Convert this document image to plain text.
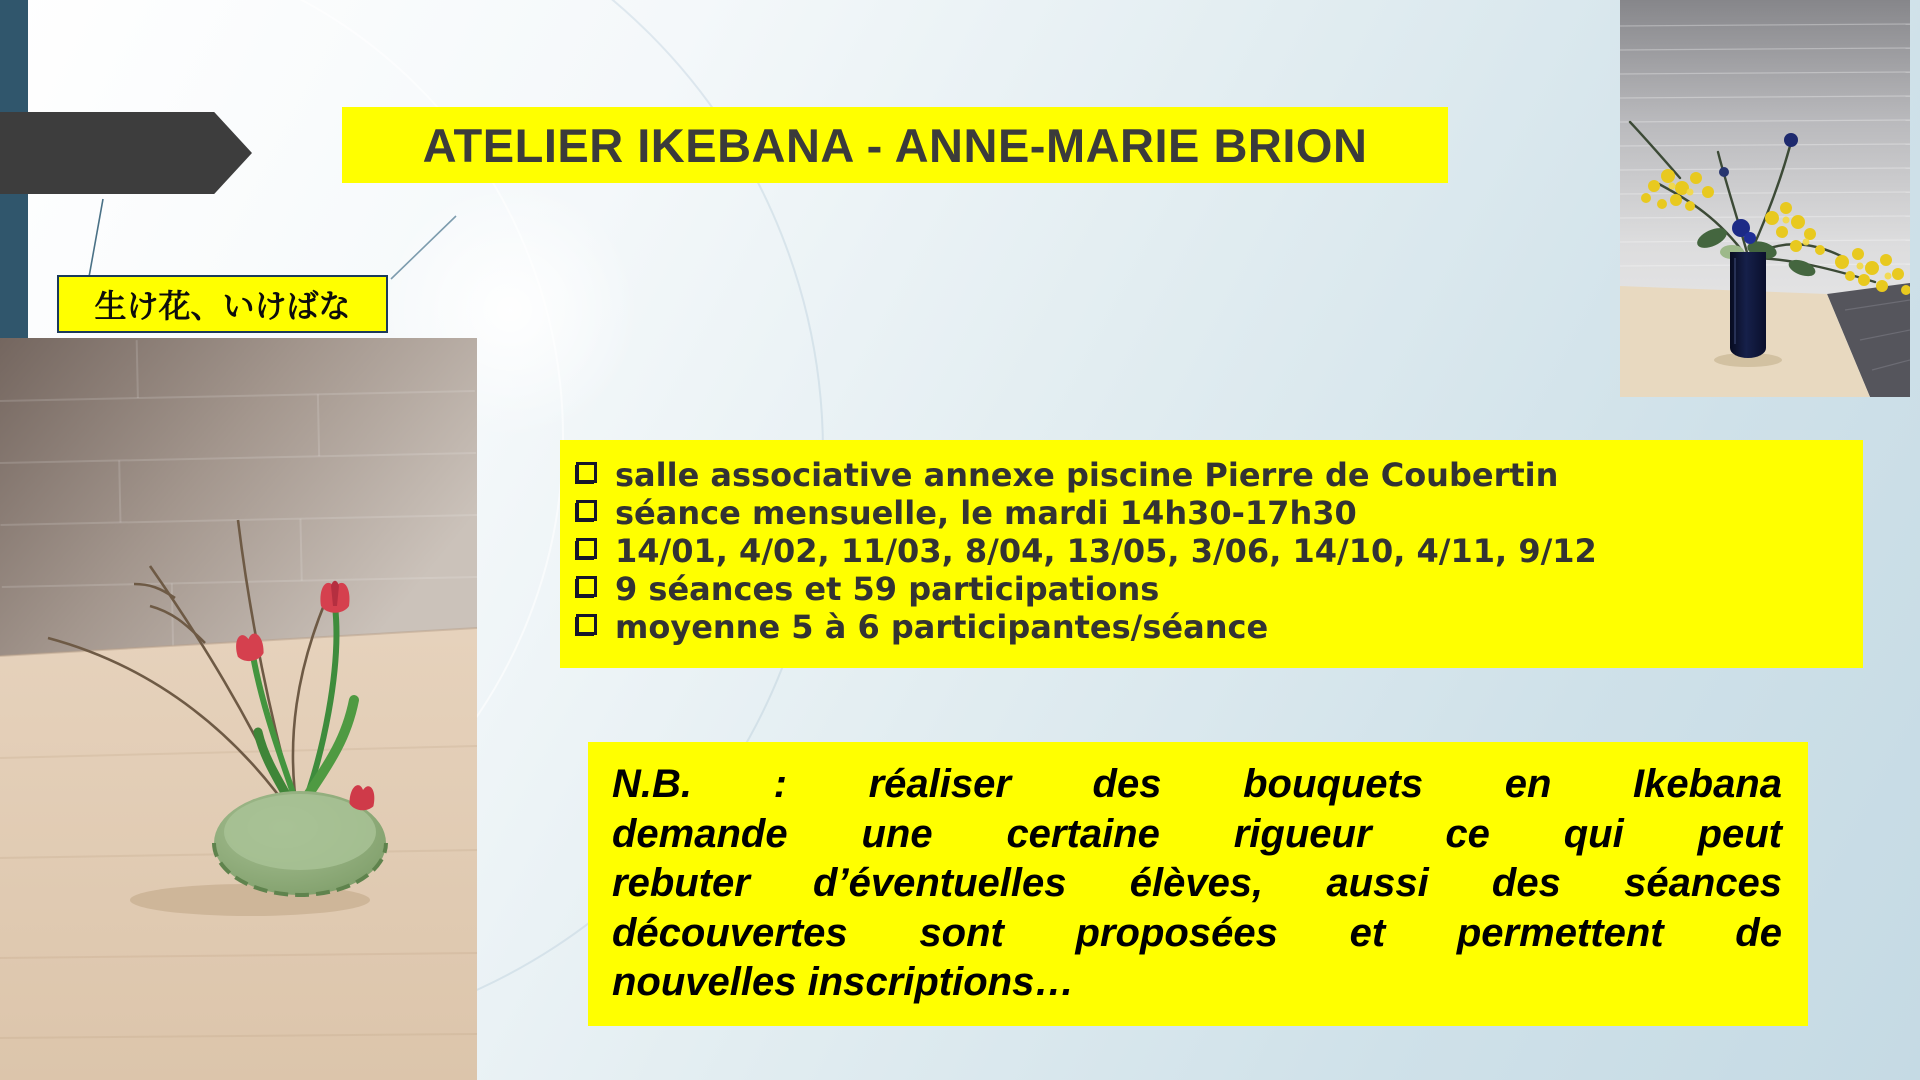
ATELIER IKEBANA - ANNE-MARIE BRION
生け花、いけばな
salle associative annexe piscine Pierre de Coubertin
séance mensuelle, le mardi 14h30-17h30
14/01, 4/02, 11/03, 8/04, 13/05, 3/06, 14/10, 4/11, 9/12
9 séances et 59 participations
moyenne 5 à 6 participantes/séance
N.B. : réaliser des bouquets en Ikebana
demande une certaine rigueur ce qui peut
rebuter d’éventuelles élèves, aussi des séances
découvertes sont proposées et permettent de
nouvelles inscriptions…
